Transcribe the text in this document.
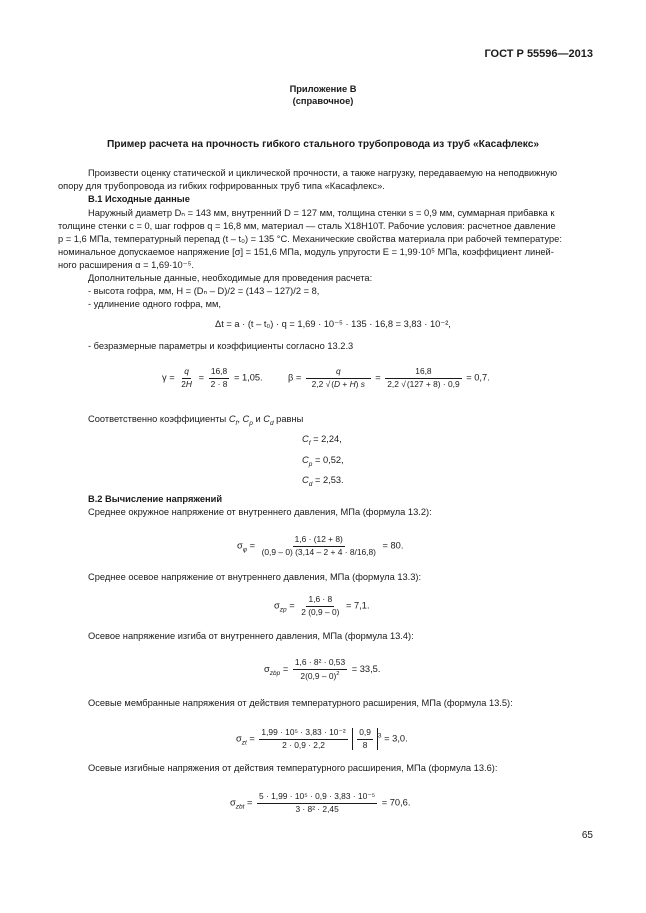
ГОСТ Р 55596—2013
Приложение В
(справочное)
Пример расчета на прочность гибкого стального трубопровода из труб «Касафлекс»
Произвести оценку статической и циклической прочности, а также нагрузку, передаваемую на неподвижную
опору для трубопровода из гибких гофрированных труб типа «Касафлекс».
В.1 Исходные данные
Наружный диаметр Dₙ = 143 мм, внутренний D = 127 мм, толщина стенки s = 0,9 мм, суммарная прибавка к
толщине стенки c = 0, шаг гофров q = 16,8 мм, материал — сталь Х18Н10Т. Рабочие условия: расчетное давление
p = 1,6 МПа, температурный перепад (t – t₀) = 135 °С. Механические свойства материала при рабочей температуре:
номинальное допускаемое напряжение [σ] = 151,6 МПа, модуль упругости E = 1,99·10⁵ МПа, коэффициент линей-
ного расширения α = 1,69·10⁻⁵.
Дополнительные данные, необходимые для проведения расчета:
- высота гофра, мм, H = (Dₙ – D)/2 = (143 – 127)/2 = 8,
- удлинение одного гофра, мм,
Δt = a · (t – t₀) · q = 1,69 · 10⁻⁵ · 135 · 16,8 = 3,83 · 10⁻²,
- безразмерные параметры и коэффициенты согласно 13.2.3
$\gamma = \frac{q}{2H} = \frac{16,8}{2 \cdot 8} = 1,05$.	$\beta = \frac{q}{2,2 √(D + H) s} = \frac{16,8}{2,2 √(127 + 8) \cdot 0,9} = 0,7$.
Соответственно коэффициенты $C_f$, $C_p$ и $C_d$ равны
$C_f = 2,24$,
$C_p = 0,52$,
$C_d = 2,53$.
В.2 Вычисление напряжений
Среднее окружное напряжение от внутреннего давления, МПа (формула 13.2):
$\sigma_\varphi = \frac{1,6 \cdot (12 + 8)}{(0,9 - 0) (3,14 - 2 + 4 \cdot 8/16,8)} = 80$.
Среднее осевое напряжение от внутреннего давления, МПа (формула 13.3):
$\sigma_{zp} = \frac{1,6 \cdot 8}{2 (0,9 - 0)} = 7,1$.
Осевое напряжение изгиба от внутреннего давления, МПа (формула 13.4):
$\sigma_{zbp} = \frac{\text{1,6 · 8² · 0,53}}{2(0,9 - 0)^2} = 33,5$.
Осевые мембранные напряжения от действия температурного расширения, МПа (формула 13.5):
$\sigma_{zt} = \frac{\text{1,99 · 10⁵ · 3,83 · 10⁻²}}{2 \cdot 0,9 \cdot 2,2}$
$\frac{0,9}{8} ^3 = 3,0$.
Осевые изгибные напряжения от действия температурного расширения, МПа (формула 13.6):
$\sigma_{zbt} = \frac{\text{5 · 1,99 · 10⁵ · 0,9 · 3,83 · 10⁻⁵}}{\text{3 · 8² · 2,45}} = 70,6$.
65
